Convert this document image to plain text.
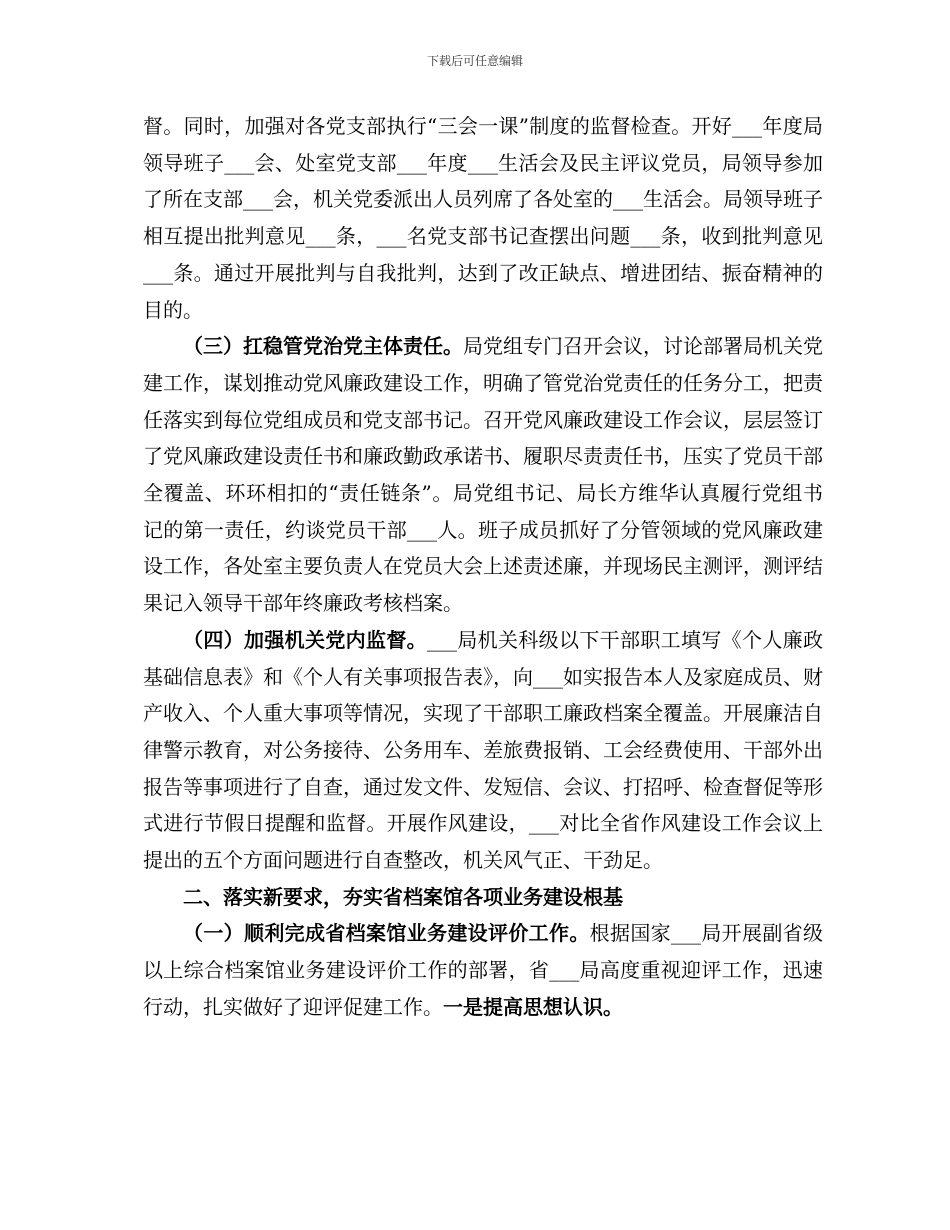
下载后可任意编辑

督。同时，加强对各党支部执行“三会一课”制度的监督检查。开好___年度局领导班子___会、处室党支部___年度___生活会及民主评议党员，局领导参加了所在支部___会，机关党委派出人员列席了各处室的___生活会。局领导班子相互提出批判意见___条，___名党支部书记查摆出问题___条，收到批判意见___条。通过开展批判与自我批判，达到了改正缺点、增进团结、振奋精神的目的。

（三）扛稳管党治党主体责任。局党组专门召开会议，讨论部署局机关党建工作，谋划推动党风廉政建设工作，明确了管党治党责任的任务分工，把责任落实到每位党组成员和党支部书记。召开党风廉政建设工作会议，层层签订了党风廉政建设责任书和廉政勤政承诺书、履职尽责责任书，压实了党员干部全覆盖、环环相扣的“责任链条”。局党组书记、局长方维华认真履行党组书记的第一责任，约谈党员干部___人。班子成员抓好了分管领域的党风廉政建设工作，各处室主要负责人在党员大会上述责述廉，并现场民主测评，测评结果记入领导干部年终廉政考核档案。

（四）加强机关党内监督。___局机关科级以下干部职工填写《个人廉政基础信息表》和《个人有关事项报告表》，向___如实报告本人及家庭成员、财产收入、个人重大事项等情况，实现了干部职工廉政档案全覆盖。开展廉洁自律警示教育，对公务接待、公务用车、差旅费报销、工会经费使用、干部外出报告等事项进行了自查，通过发文件、发短信、会议、打招呼、检查督促等形式进行节假日提醒和监督。开展作风建设，___对比全省作风建设工作会议上提出的五个方面问题进行自查整改，机关风气正、干劲足。

二、落实新要求，夯实省档案馆各项业务建设根基

（一）顺利完成省档案馆业务建设评价工作。根据国家___局开展副省级以上综合档案馆业务建设评价工作的部署，省___局高度重视迎评工作，迅速行动，扎实做好了迎评促建工作。一是提高思想认识。
